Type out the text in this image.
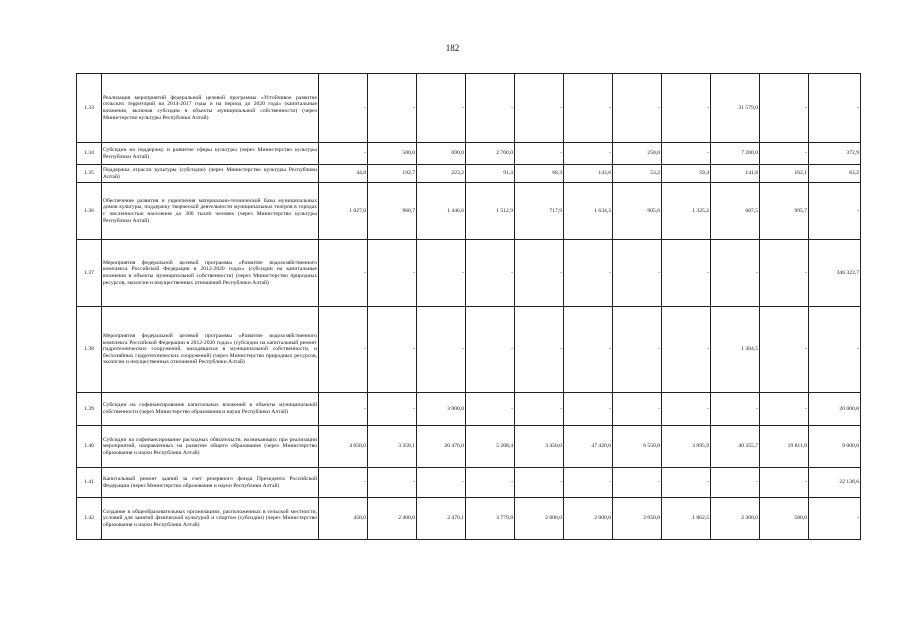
182
1.33	Реализация мероприятий федеральной целевой программы «Устойчивое развитие сельских территорий на 2014-2017 годы и на период до 2020 года» (капитальные вложения, включая субсидии в объекты муниципальной собственности) (через Министерство культуры Республики Алтай)	-	-	-	-	-	-	-	-	31 579,0	-	-
1.34	Субсидии на поддержку и развитие сферы культуры (через Министерство культуры Республики Алтай)	-	500,0	690,0	2 700,0	-	-	250,0	-	7 200,0	-	372,9
1.35	Поддержка отрасли культуры (субсидии) (через Министерство культуры Республики Алтай)	44,8	192,7	223,2	91,3	68,3	143,6	53,2	59,4	141,8	162,1	63,2
1.36	Обеспечение развития и укрепления материально-технической базы муниципальных домов культуры, поддержку творческой деятельности муниципальных театров в городах с численностью населения до 300 тысяч человек (через Министерство культуры Республики Алтай)	1 027,0	960,7	1 446,6	1 512,9	717,9	1 634,3	905,6	1 325,2	607,5	995,7	-
1.37	Мероприятия федеральной целевой программы «Развитие водохозяйственного комплекса Российской Федерации в 2012-2020 годах» (субсидии на капитальные вложения в объекты муниципальной собственности) (через Министерство природных ресурсов, экологии и имущественных отношений Республики Алтай)	-	-	-	-	-	-	-	-	-	-	346 323,7
1.38	Мероприятия федеральной целевой программы «Развитие водохозяйственного комплекса Российской Федерации в 2012-2020 годах» (субсидии на капитальный ремонт гидротехнических сооружений, находящихся в муниципальной собственности, и бесхозяйных гидротехнических сооружений) (через Министерство природных ресурсов, экологии и имущественных отношений Республики Алтай)	-	-	-	-	-	-	-	-	1 304,5	-	-
1.39	Субсидии на софинансирование капитальных вложений в объекты муниципальной собственности (через Министерство образования и науки Республики Алтай)	-	-	3 000,0	-	-	-	-	-	-	-	20 000,0
1.40	Субсидии на софинансирование расходных обязательств, возникающих при реализации мероприятий, направленных на развитие общего образования (через Министерство образования и науки Республики Алтай)	4 050,0	3 358,1	20 476,0	5 208,4	3 450,0	47 420,0	6 550,0	3 095,9	40 355,7	19 811,0	9 000,0
1.41	Капитальный ремонт зданий за счет резервного фонда Президента Российской Федерации (через Министерство образования и науки Республики Алтай)	-	-	-	-	-	-	-	-	-	-	22 138,6
1.42	Создание в общеобразовательных организациях, расположенных в сельской местности, условий для занятий физической культурой и спортом (субсидии) (через Министерство образования и науки Республики Алтай)	450,0	2 400,0	2 470,1	3 779,8	2 000,0	2 000,0	2 050,0	1 862,5	2 300,0	500,0	-
